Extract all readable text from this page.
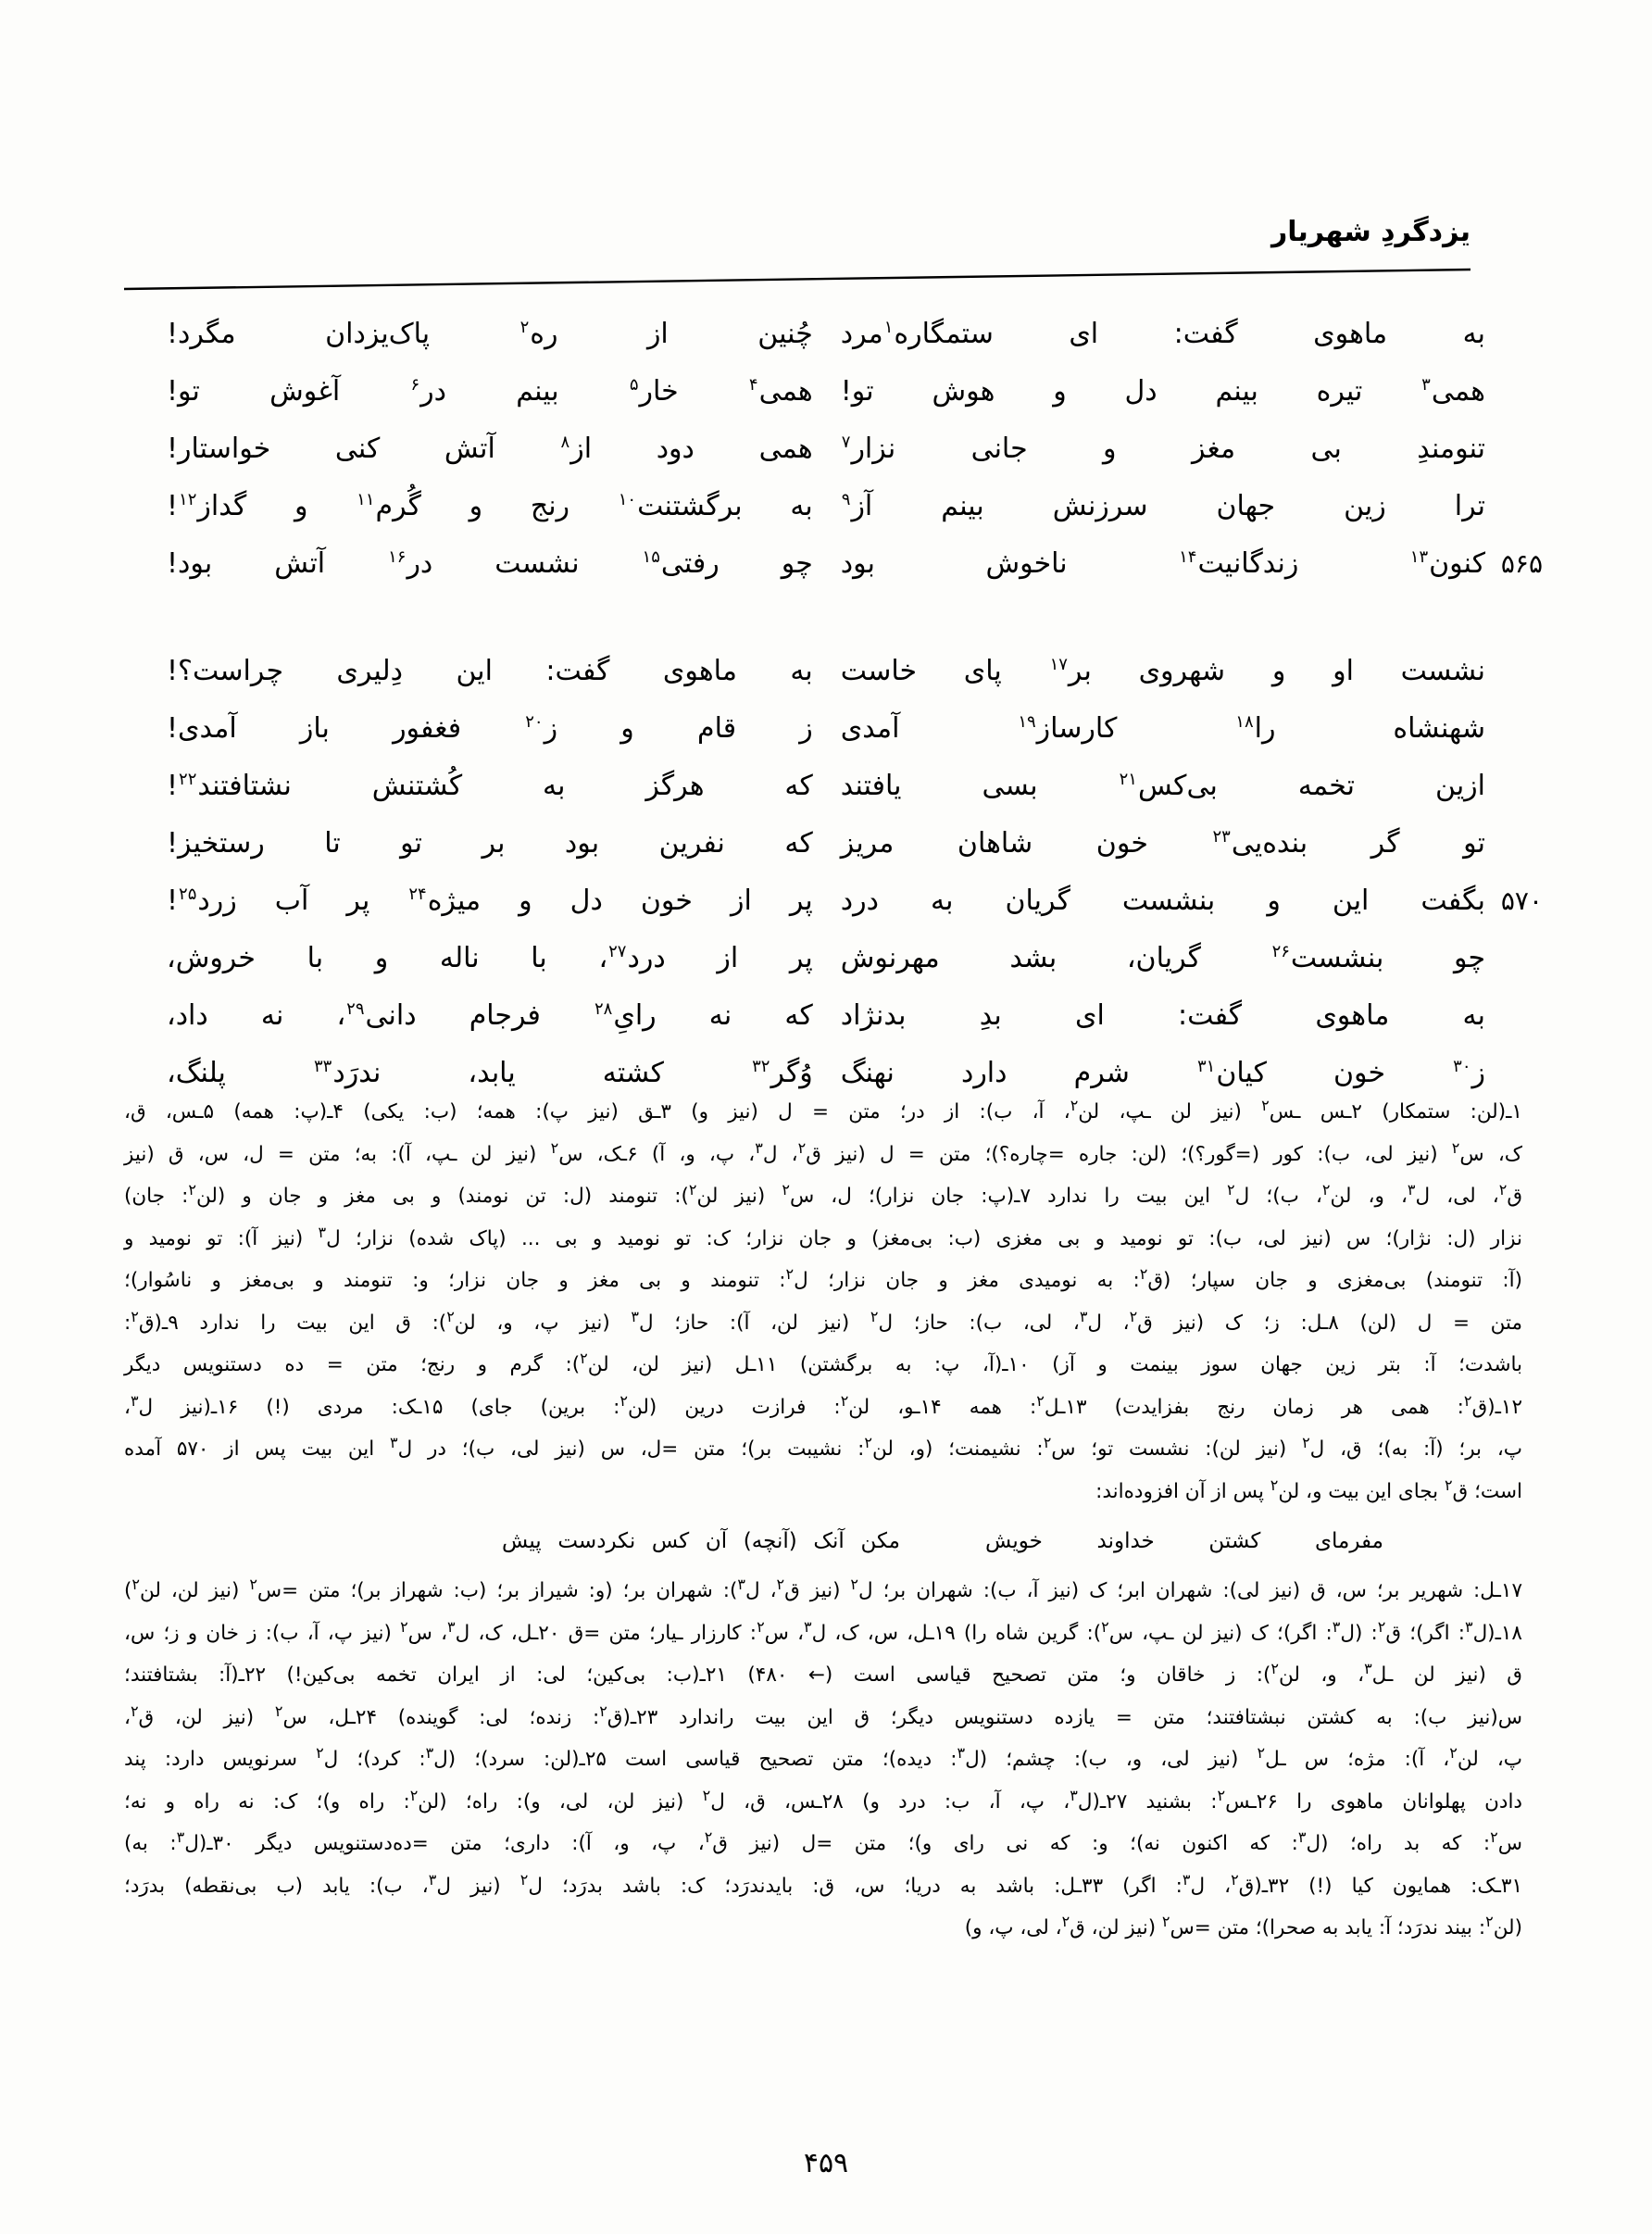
یزدگردِ شهریار
به ماهوی گفت: ای ستمگاره$^۱$مرد
چُنین از ره$^۲$ پاک‌یزدان مگرد!
همی$^۳$ تیره بینم دل و هوش تو!
همی$^۴$ خار$^۵$ بینم در$^۶$ آغوش تو!
تنومندِ بی مغز و جانی نزار$^۷$
همی دود از$^۸$ آتش کنی خواستار!
ترا زین جهان سرزنش بینم آز$^۹$
به برگشتنت$^{۱۰}$ رنج و گُرم$^{۱۱}$ و گداز$^{۱۲}$!
۵۶۵
کنون$^{۱۳}$ زندگانیت$^{۱۴}$ ناخوش بود
چو رفتی$^{۱۵}$ نشست در$^{۱۶}$ آتش بود!
نشست او و شهروی بر$^{۱۷}$ پای خاست
به ماهوی گفت: این دِلیری چراست؟!
شهنشاه را$^{۱۸}$ کارساز$^{۱۹}$ آمدی
ز قام و ز$^{۲۰}$ فغفور باز آمدی!
ازین تخمه بی‌کس$^{۲۱}$ بسی یافتند
که هرگز به کُشتنش نشتافتند$^{۲۲}$!
تو گر بنده‌یی$^{۲۳}$ خون شاهان مریز
که نفرین بود بر تو تا رستخیز!
۵۷۰
بگفت این و بنشست گریان به درد
پر از خون دل و میژه$^{۲۴}$ پر آب زرد$^{۲۵}$!
چو بنشست$^{۲۶}$ گریان، بشد مهرنوش
پر از درد$^{۲۷}$، با ناله و با خروش،
به ماهوی گفت: ای بدِ بدنژاد
که نه رایِ$^{۲۸}$ فرجام دانی$^{۲۹}$، نه داد،
ز$^{۳۰}$ خون کیان$^{۳۱}$ شرم دارد نهنگ
وُگر$^{۳۲}$ کشته یابد، ندرَد$^{۳۳}$ پلنگ،

۱ـ(لن: ستمکار) ۲ـس ـس$^۲$ (نیز لن ـپ، لن$^۲$، آ، ب): از در؛ متن = ل (نیز و) ۳ـق (نیز پ): همه؛ (ب: یکی) ۴ـ(پ: همه) ۵ـس، ق،

ک، س$^۲$ (نیز لی، ب): کور (=گور؟)؛ (لن: جاره =چاره؟)؛ متن = ل (نیز ق$^۲$، ل$^۳$، پ، و، آ) ۶ـک، س$^۲$ (نیز لن ـپ، آ): به؛ متن = ل، س، ق (نیز

ق$^۲$، لی، ل$^۳$، و، لن$^۲$، ب)؛ ل$^۲$ این بیت را ندارد ۷ـ(پ: جان نزار)؛ ل، س$^۲$ (نیز لن$^۲$): تنومند (ل: تن نومند) و بی مغز و جان و (لن$^۲$: جان)

نزار (ل: نژار)؛ س (نیز لی، ب): تو نومید و بی مغزی (ب: بی‌مغز) و جان نزار؛ ک: تو نومید و بی ... (پاک شده) نزار؛ ل$^۳$ (نیز آ): تو نومید و

(آ: تنومند) بی‌مغزی و جان سپار؛ (ق$^۲$: به نومیدی مغز و جان نزار؛ ل$^۲$: تنومند و بی مغز و جان نزار؛ و: تنومند و بی‌مغز و ناسُوار)؛

متن = ل (لن) ۸ـل: ز؛ ک (نیز ق$^۲$، ل$^۳$، لی، ب): حاز؛ ل$^۲$ (نیز لن، آ): حاز؛ ل$^۳$ (نیز پ، و، لن$^۲$): ق این بیت را ندارد ۹ـ(ق$^۲$:

باشدت؛ آ: بتر زین جهان سوز بینمت و آز) ۱۰ـ(آ، پ: به برگشتن) ۱۱ـل (نیز لن، لن$^۲$): گرم و رنج؛ متن = ده دستنویس دیگر

۱۲ـ(ق$^۲$: همی هر زمان رنج بفزایدت) ۱۳ـل$^۲$: همه ۱۴ـو، لن$^۲$: فرازت درین (لن$^۲$: برین) جای) ۱۵ـک: مردی (!) ۱۶ـ(نیز ل$^۳$،

پ، بر؛ (آ: به)؛ ق، ل$^۲$ (نیز لن): نشست تو؛ س$^۲$: نشیمنت؛ (و، لن$^۲$: نشیبت بر)؛ متن =ل، س (نیز لی، ب)؛ در ل$^۳$ این بیت پس از ۵۷۰ آمده

است؛ ق$^۲$ بجای این بیت و، لن$^۲$ پس از آن افزوده‌اند:

مفرمای کشتن خداوند خویش
مکن آنک (آنچه) آن کس نکردست پیش

۱۷ـل: شهریر بر؛ س، ق (نیز لی): شهران ابر؛ ک (نیز آ، ب): شهران بر؛ ل$^۲$ (نیز ق$^۲$، ل$^۳$): شهران بر؛ (و: شیراز بر؛ (ب: شهراز بر)؛ متن =س$^۲$ (نیز لن، لن$^۲$)

۱۸ـ(ل$^۳$: اگر)؛ ق$^۲$: (ل$^۳$: اگر)؛ ک (نیز لن ـپ، س$^۲$): گرین شاه را) ۱۹ـل، س، ک، ل$^۳$، س$^۲$: کارزار ـیار؛ متن =ق ۲۰ـل، ک، ل$^۳$، س$^۲$ (نیز پ، آ، ب): ز خان و ز؛ س،

ق (نیز لن ـل$^۳$، و، لن$^۲$): ز خاقان و؛ متن تصحیح قیاسی است (← ۴۸۰) ۲۱ـ(ب: بی‌کین؛ لی: از ایران تخمه بی‌کین!) ۲۲ـ(آ: بشتافتند؛

س(نیز ب): به کشتن نبشتافتند؛ متن = یازده دستنویس دیگر؛ ق این بیت راندارد ۲۳ـ(ق$^۲$: زنده؛ لی: گوینده) ۲۴ـل، س$^۲$ (نیز لن، ق$^۲$،

پ، لن$^۲$، آ): مژه؛ س ـل$^۲$ (نیز لی، و، ب): چشم؛ (ل$^۳$: دیده)؛ متن تصحیح قیاسی است ۲۵ـ(لن: سرد)؛ (ل$^۳$: کرد)؛ ل$^۲$ سرنویس دارد: پند

دادن پهلوانان ماهوی را ۲۶ـس$^۲$: بشنید ۲۷ـ(ل$^۳$، پ، آ، ب: درد و) ۲۸ـس، ق، ل$^۲$ (نیز لن، لی، و): راه؛ (لن$^۲$: راه و)؛ ک: نه راه و نه؛

س$^۲$: که بد راه؛ (ل$^۳$: که اکنون نه)؛ و: که نی رای و)؛ متن =ل (نیز ق$^۲$، پ، و، آ): داری؛ متن =ده‌دستنویس دیگر ۳۰ـ(ل$^۳$: به)

۳۱ـک: همایون کیا (!) ۳۲ـ(ق$^۲$، ل$^۳$: اگر) ۳۳ـل: باشد به دریا؛ س، ق: بایدندرَد؛ ک: باشد بدرَد؛ ل$^۲$ (نیز ل$^۳$، ب): یابد (ب بی‌نقطه) بدرَد؛

(لن$^۲$: بیند ندرَد؛ آ: یابد به صحرا)؛ متن =س$^۲$ (نیز لن، ق$^۲$، لی، پ، و)

۴۵۹
